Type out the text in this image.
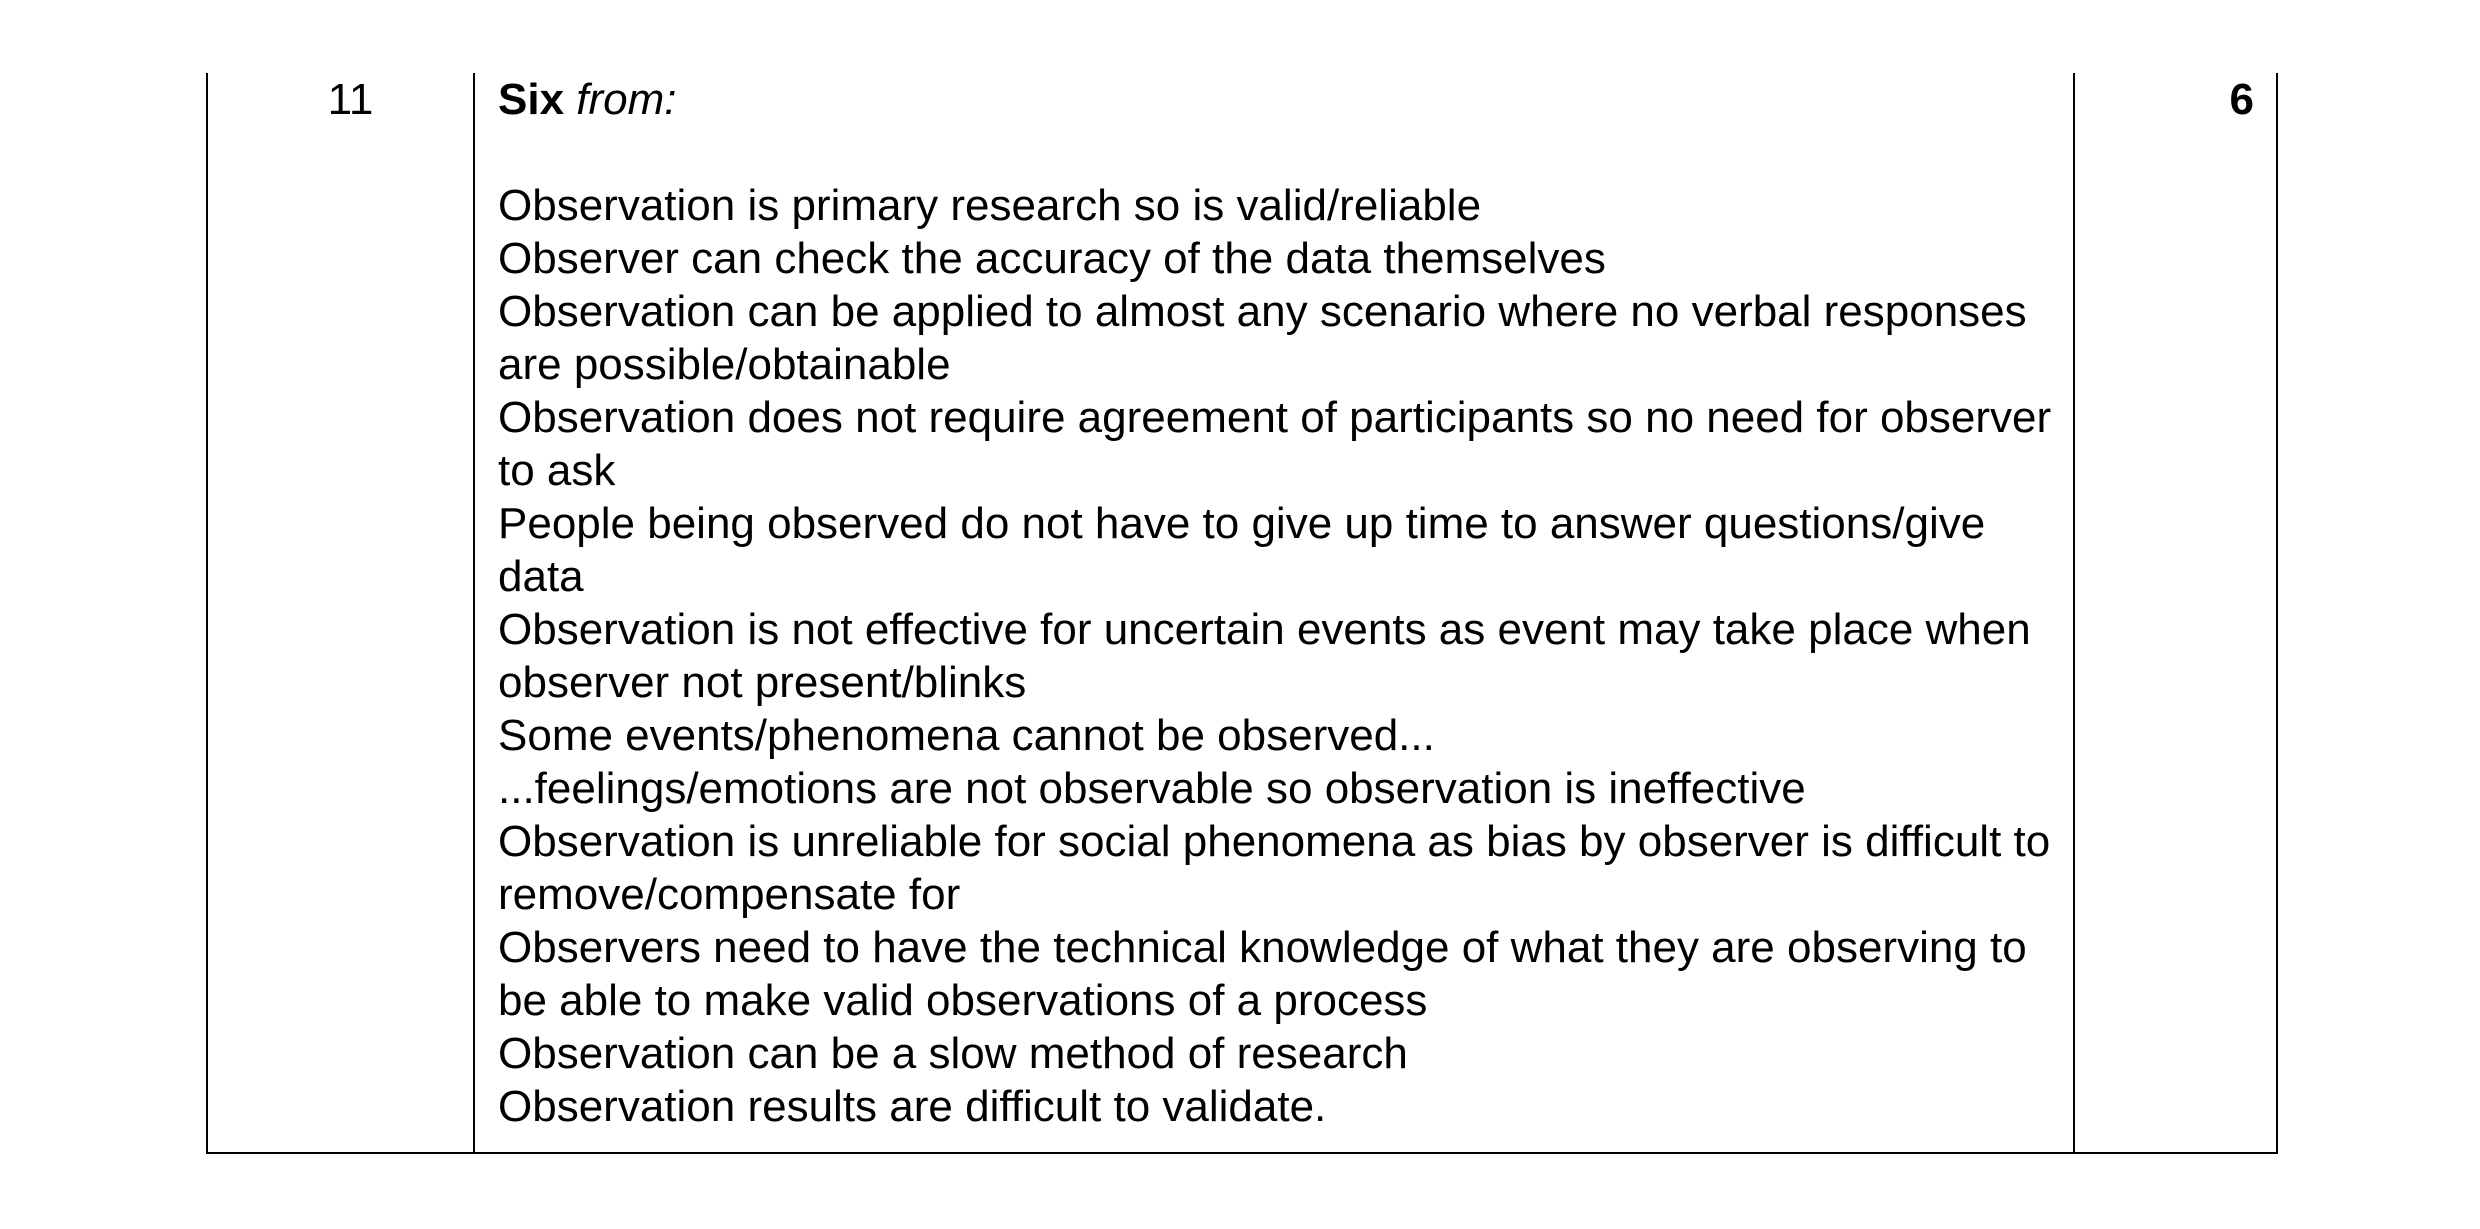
11	Six from:
Observation is primary research so is valid/reliable
Observer can check the accuracy of the data themselves
Observation can be applied to almost any scenario where no verbal responses are possible/obtainable
Observation does not require agreement of participants so no need for observer to ask
People being observed do not have to give up time to answer questions/give data
Observation is not effective for uncertain events as event may take place when observer not present/blinks
Some events/phenomena cannot be observed...
...feelings/emotions are not observable so observation is ineffective
Observation is unreliable for social phenomena as bias by observer is difficult to remove/compensate for
Observers need to have the technical knowledge of what they are observing to be able to make valid observations of a process
Observation can be a slow method of research
Observation results are difficult to validate.
6
